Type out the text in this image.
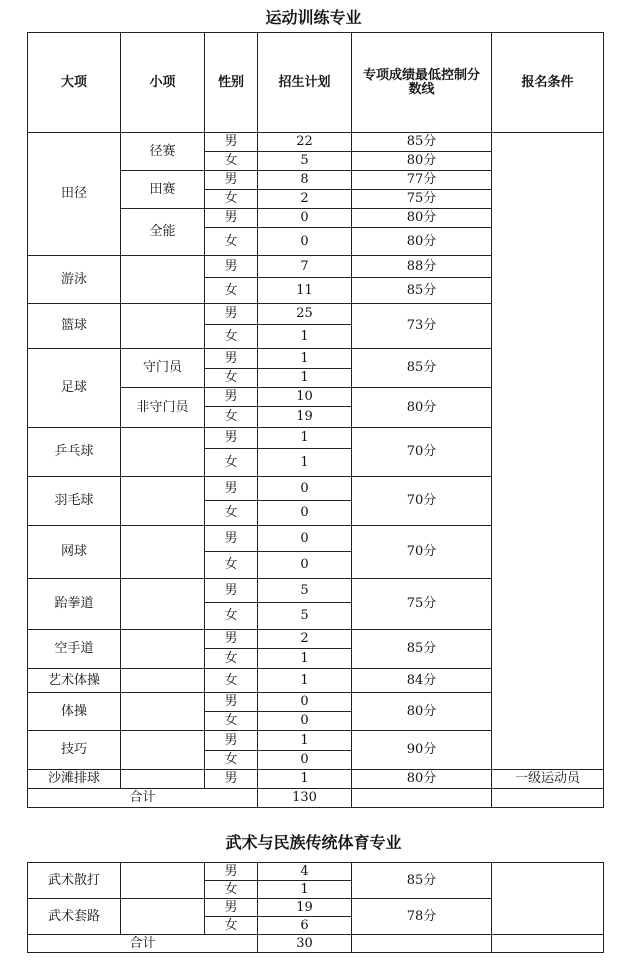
运动训练专业
大项	小项	性别	招生计划	专项成绩最低控制分数线	报名条件
田径	径赛	男	22	85分	
		女	5	80分	
	田赛	男	8	77分	
		女	2	75分	
	全能	男	0	80分	
		女	0	80分	
游泳		男	7	88分	
		女	11	85分	
篮球		男	25	73分	
		女	1		
足球	守门员	男	1	85分	
		女	1		
	非守门员	男	10	80分	
		女	19		
乒乓球		男	1	70分	
		女	1		
羽毛球		男	0	70分	
		女	0		
网球		男	0	70分	
		女	0		
跆拳道		男	5	75分	
		女	5		
空手道		男	2	85分	
		女	1		
艺术体操		女	1	84分	
体操		男	0	80分	
		女	0		
技巧		男	1	90分	
		女	0		
沙滩排球		男	1	80分	一级运动员
合计			130		
武术与民族传统体育专业
武术散打		男	4	85分	
		女	1		
武术套路		男	19	78分	
		女	6		
合计			30		
